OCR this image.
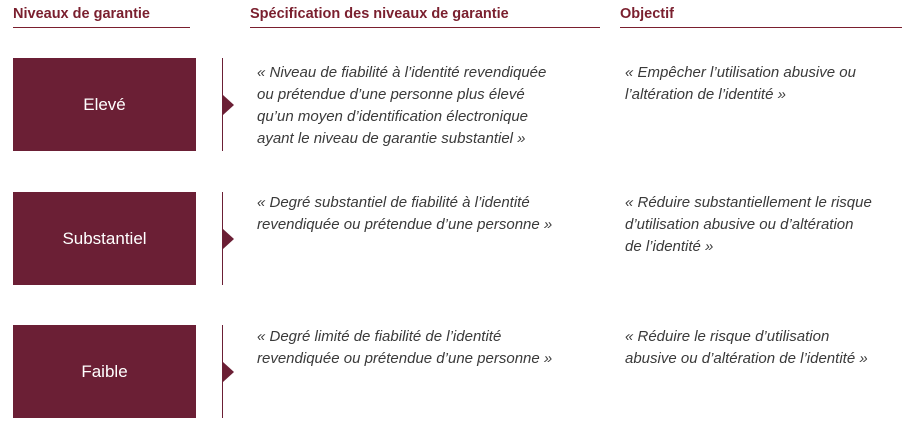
Niveaux de garantie	Spécification des niveaux de garantie	Objectif
Elevé
« Niveau de fiabilité à l’identité revendiquée
ou prétendue d’une personne plus élevé
qu’un moyen d’identification électronique
ayant le niveau de garantie substantiel »
« Empêcher l’utilisation abusive ou
l’altération de l’identité »
Substantiel
« Degré substantiel de fiabilité à l’identité
revendiquée ou prétendue d’une personne »
« Réduire substantiellement le risque
d’utilisation abusive ou d’altération
de l’identité »
Faible
« Degré limité de fiabilité de l’identité
revendiquée ou prétendue d’une personne »
« Réduire le risque d’utilisation
abusive ou d’altération de l’identité »
